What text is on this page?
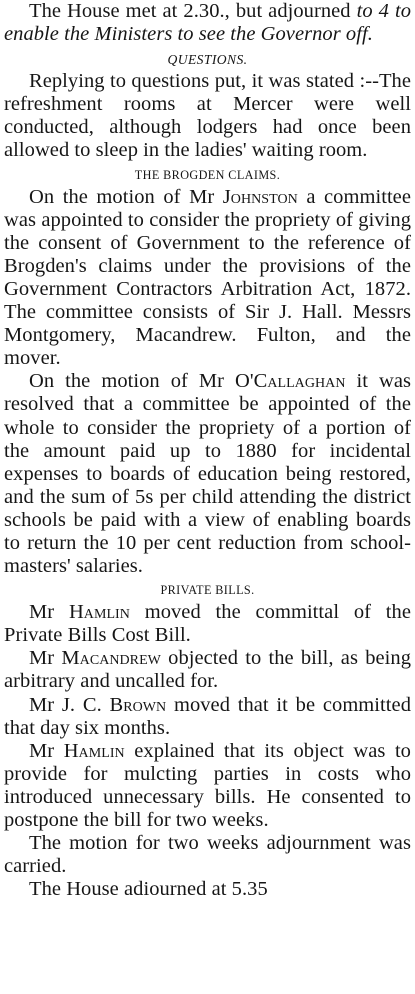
The House met at 2.30., but adjourned to 4 to enable the Ministers to see the Governor off.

QUESTIONS.

Replying to questions put, it was stated :--The refreshment rooms at Mercer were well conducted, although lodgers had once been allowed to sleep in the ladies' waiting room.

THE BROGDEN CLAIMS.

On the motion of Mr Johnston a committee was appointed to consider the propriety of giving the consent of Government to the reference of Brogden's claims under the provisions of the Government Contractors Arbitration Act, 1872. The committee consists of Sir J. Hall. Messrs Montgomery, Macandrew. Fulton, and the mover.

On the motion of Mr O'Callaghan it was resolved that a committee be appointed of the whole to consider the propriety of a portion of the amount paid up to 1880 for incidental expenses to boards of education being restored, and the sum of 5s per child attending the district schools be paid with a view of enabling boards to return the 10 per cent reduction from school-masters' salaries.

PRIVATE BILLS.

Mr Hamlin moved the committal of the Private Bills Cost Bill.

Mr Macandrew objected to the bill, as being arbitrary and uncalled for.

Mr J. C. Brown moved that it be committed that day six months.

Mr Hamlin explained that its object was to provide for mulcting parties in costs who introduced unnecessary bills. He consented to postpone the bill for two weeks.

The motion for two weeks adjournment was carried.

The House adiourned at 5.35
